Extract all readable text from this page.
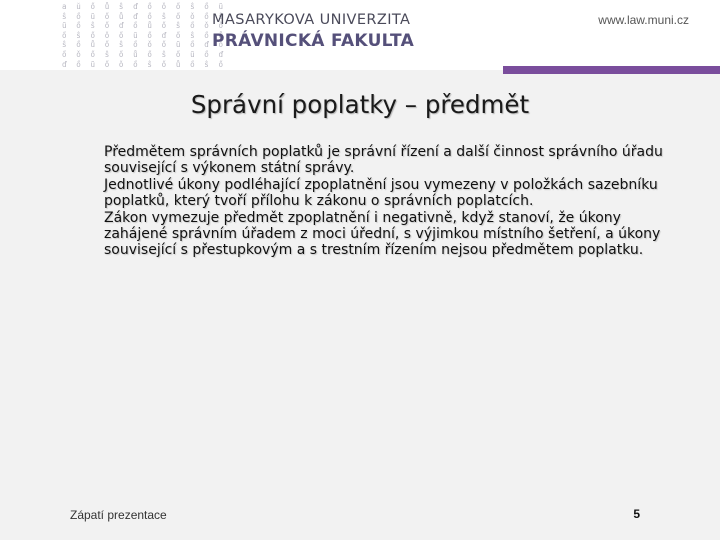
a ŭ ő ů ŝ ď ő ǒ ő
ŝ ő ũ ő ů ď ő ŝ ő
ũ ő ŝ ő ď ő ů ő ŝ
ő ŝ ő ǒ ő ũ ő ď ő
ŝ ő ů ő ŝ ő ǒ ő ũ
ő ǒ ő ŝ ő ů ő ŝ ő
ď ő ũ ő ǒ ő ŝ ő ů
MASARYKOVA UNIVERZITA
PRÁVNICKÁ FAKULTA
www.law.muni.cz
Správní poplatky – předmět

Předmětem správních poplatků je správní řízení a další činnost správního úřadu související s výkonem státní správy.

Jednotlivé úkony podléhající zpoplatnění jsou vymezeny v položkách sazebníku poplatků, který tvoří přílohu k zákonu o správních poplatcích.

Zákon vymezuje předmět zpoplatnění i negativně, když stanoví, že úkony zahájené správním úřadem z moci úřední, s výjimkou místního šetření, a úkony související s přestupkovým a s trestním řízením nejsou předmětem poplatku.

Zápatí prezentace	5
